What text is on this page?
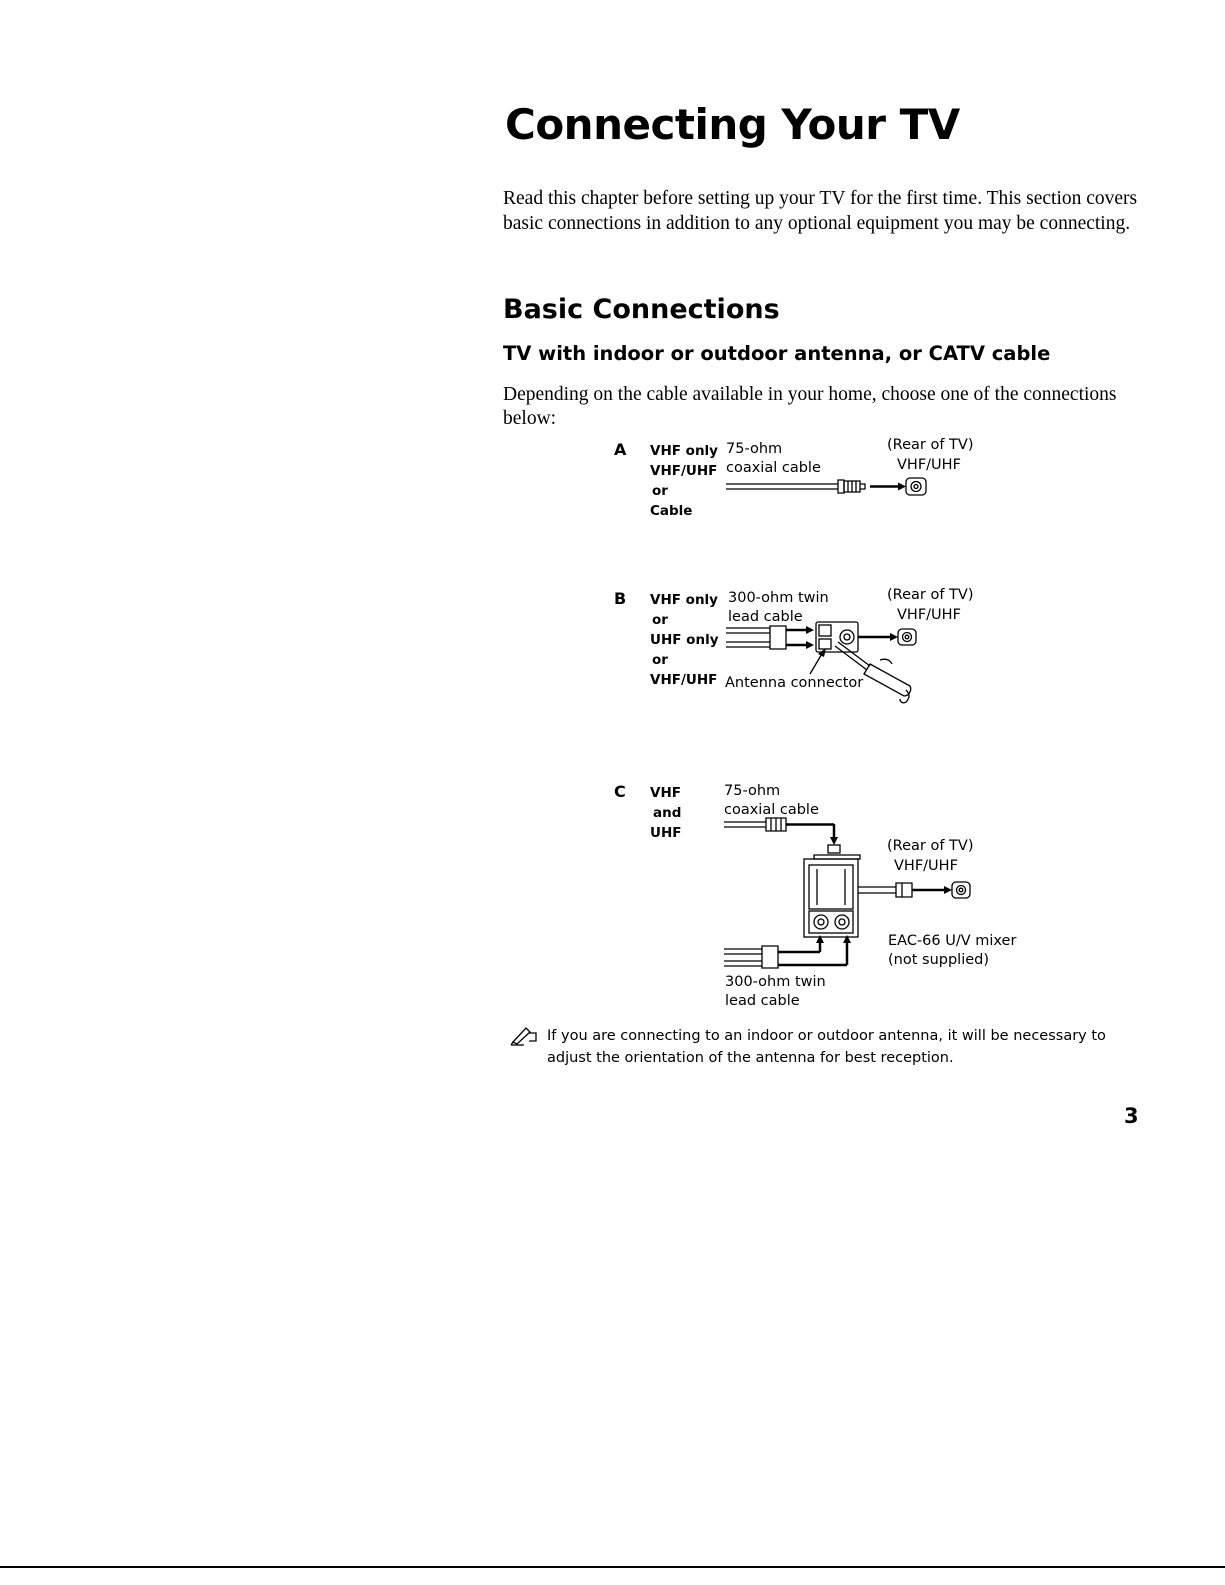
Connecting Your TV

Read this chapter before setting up your TV for the first time. This section covers basic connections in addition to any optional equipment you may be connecting.

Basic Connections
TV with indoor or outdoor antenna, or CATV cable

Depending on the cable available in your home, choose one of the connections below:

A VHF only
VHF/UHF
or
Cable
75-ohm
coaxial cable
(Rear of TV)
VHF/UHF
B VHF only
or
UHF only
or
VHF/UHF
300-ohm twin
lead cable
(Rear of TV)
VHF/UHF
Antenna connector
C VHF
and
UHF
75-ohm
coaxial cable
(Rear of TV)
VHF/UHF
EAC-66 U/V mixer
(not supplied)
300-ohm twin
lead cable

If you are connecting to an indoor or outdoor antenna, it will be necessary to adjust the orientation of the antenna for best reception.

3
